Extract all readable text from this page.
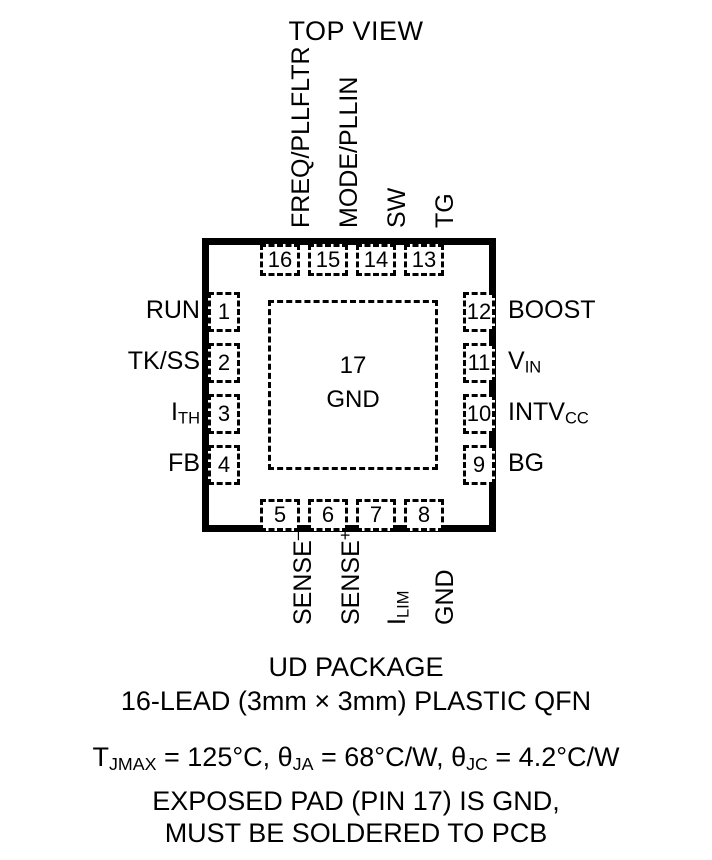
TOP VIEW
17
GND
16	15	14	13
5	6	7	8
1
2
3
4
12
11
10
9
RUN
TK/SS
$I_{TH}$
FB
BOOST
$V_{IN}$
$INTV_{CC}$
BG
FREQ/PLLFLTR MODE/PLLIN SW TG
SENSE–
SENSE+
$I_{LIM}$ GND
UD PACKAGE
16-LEAD (3mm × 3mm) PLASTIC QFN
$T_{JMAX} = 125^\circ C$, $\theta_{JA} = 68^\circ C/W$, $\theta_{JC} = 4.2^\circ C/W$
EXPOSED PAD (PIN 17) IS GND,
MUST BE SOLDERED TO PCB
